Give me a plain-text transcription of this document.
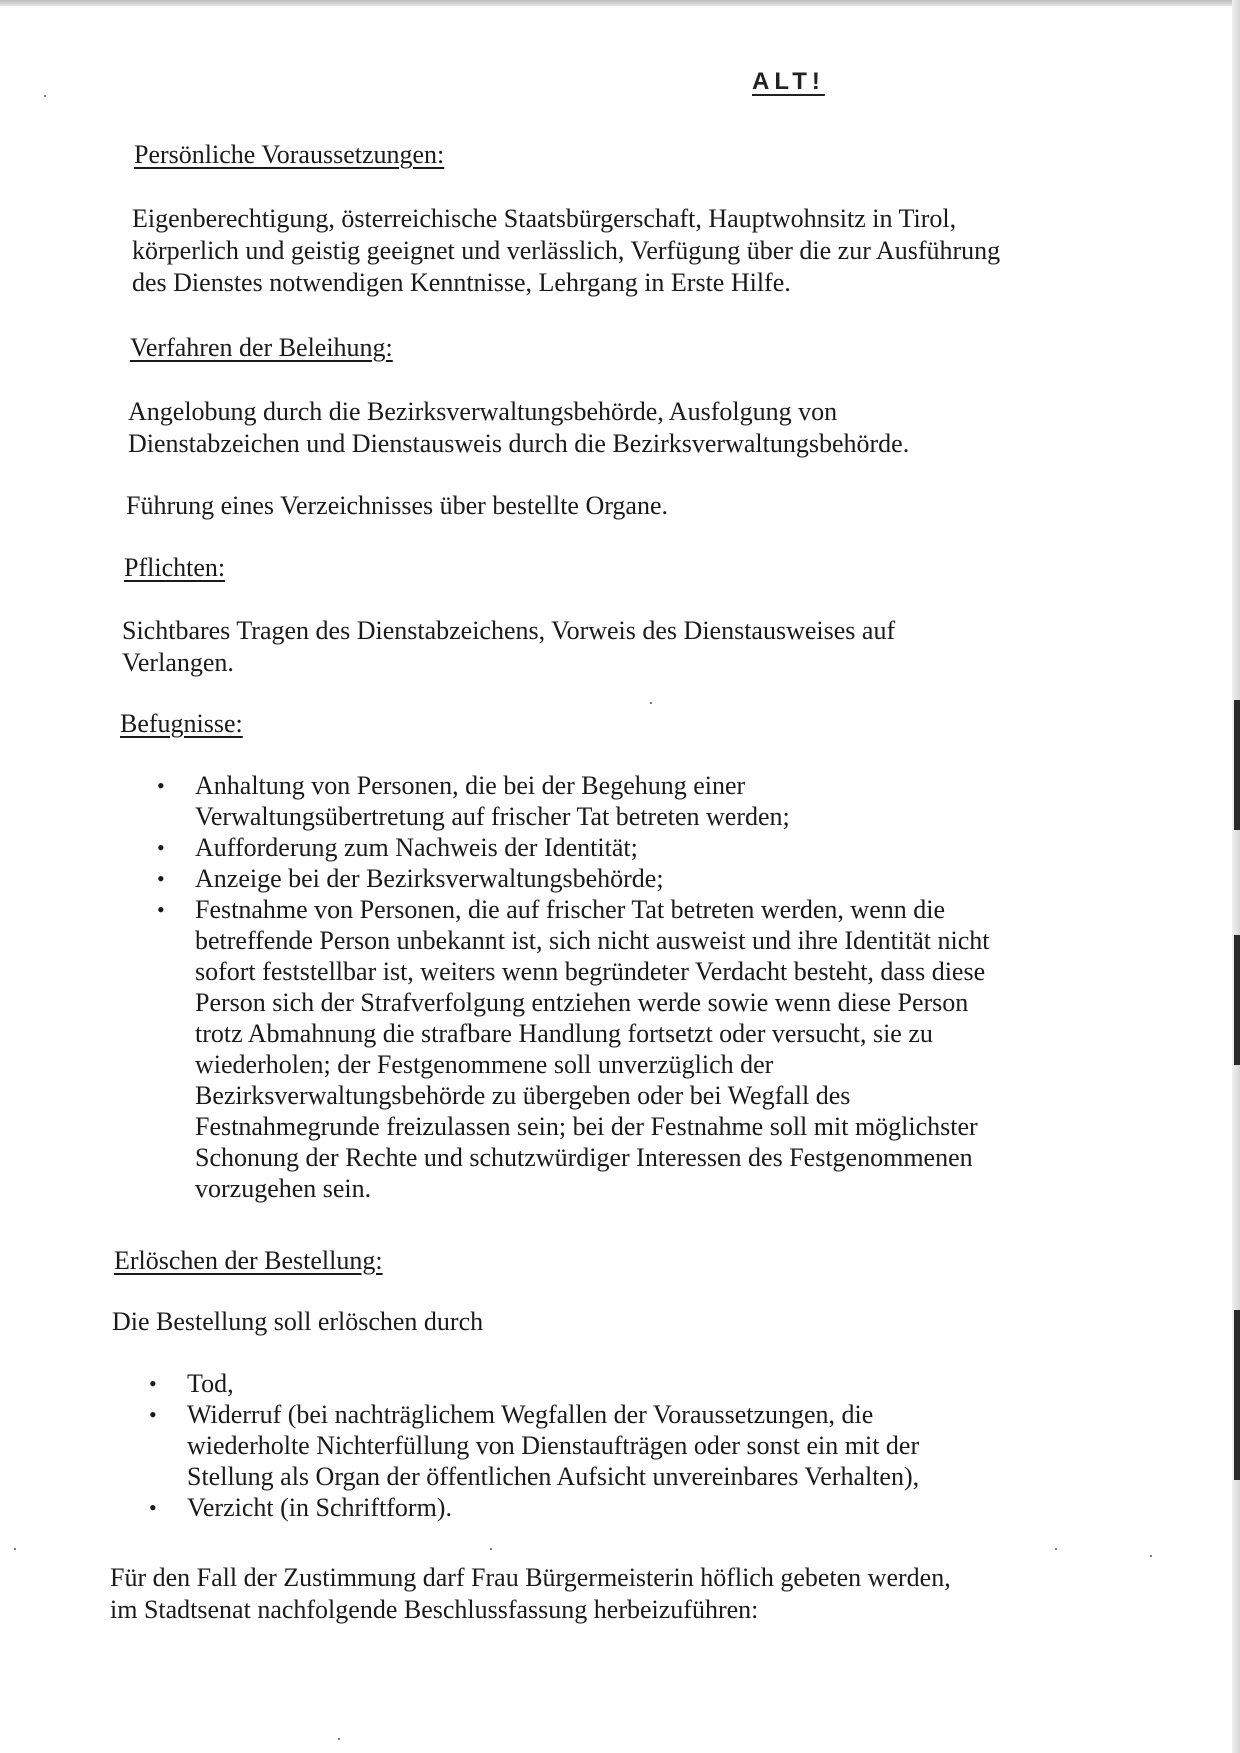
ALT!
Persönliche Voraussetzungen:
Eigenberechtigung, österreichische Staatsbürgerschaft, Hauptwohnsitz in Tirol,
körperlich und geistig geeignet und verlässlich, Verfügung über die zur Ausführung
des Dienstes notwendigen Kenntnisse, Lehrgang in Erste Hilfe.
Verfahren der Beleihung:
Angelobung durch die Bezirksverwaltungsbehörde, Ausfolgung von
Dienstabzeichen und Dienstausweis durch die Bezirksverwaltungsbehörde.
Führung eines Verzeichnisses über bestellte Organe.
Pflichten:
Sichtbares Tragen des Dienstabzeichens, Vorweis des Dienstausweises auf
Verlangen.
Befugnisse:
• Anhaltung von Personen, die bei der Begehung einer
Verwaltungsübertretung auf frischer Tat betreten werden;
• Aufforderung zum Nachweis der Identität;
• Anzeige bei der Bezirksverwaltungsbehörde;
• Festnahme von Personen, die auf frischer Tat betreten werden, wenn die
betreffende Person unbekannt ist, sich nicht ausweist und ihre Identität nicht
sofort feststellbar ist, weiters wenn begründeter Verdacht besteht, dass diese
Person sich der Strafverfolgung entziehen werde sowie wenn diese Person
trotz Abmahnung die strafbare Handlung fortsetzt oder versucht, sie zu
wiederholen; der Festgenommene soll unverzüglich der
Bezirksverwaltungsbehörde zu übergeben oder bei Wegfall des
Festnahmegrunde freizulassen sein; bei der Festnahme soll mit möglichster
Schonung der Rechte und schutzwürdiger Interessen des Festgenommenen
vorzugehen sein.
Erlöschen der Bestellung:
Die Bestellung soll erlöschen durch
• Tod,
• Widerruf (bei nachträglichem Wegfallen der Voraussetzungen, die
wiederholte Nichterfüllung von Dienstaufträgen oder sonst ein mit der
Stellung als Organ der öffentlichen Aufsicht unvereinbares Verhalten),
• Verzicht (in Schriftform).
Für den Fall der Zustimmung darf Frau Bürgermeisterin höflich gebeten werden,
im Stadtsenat nachfolgende Beschlussfassung herbeizuführen:
